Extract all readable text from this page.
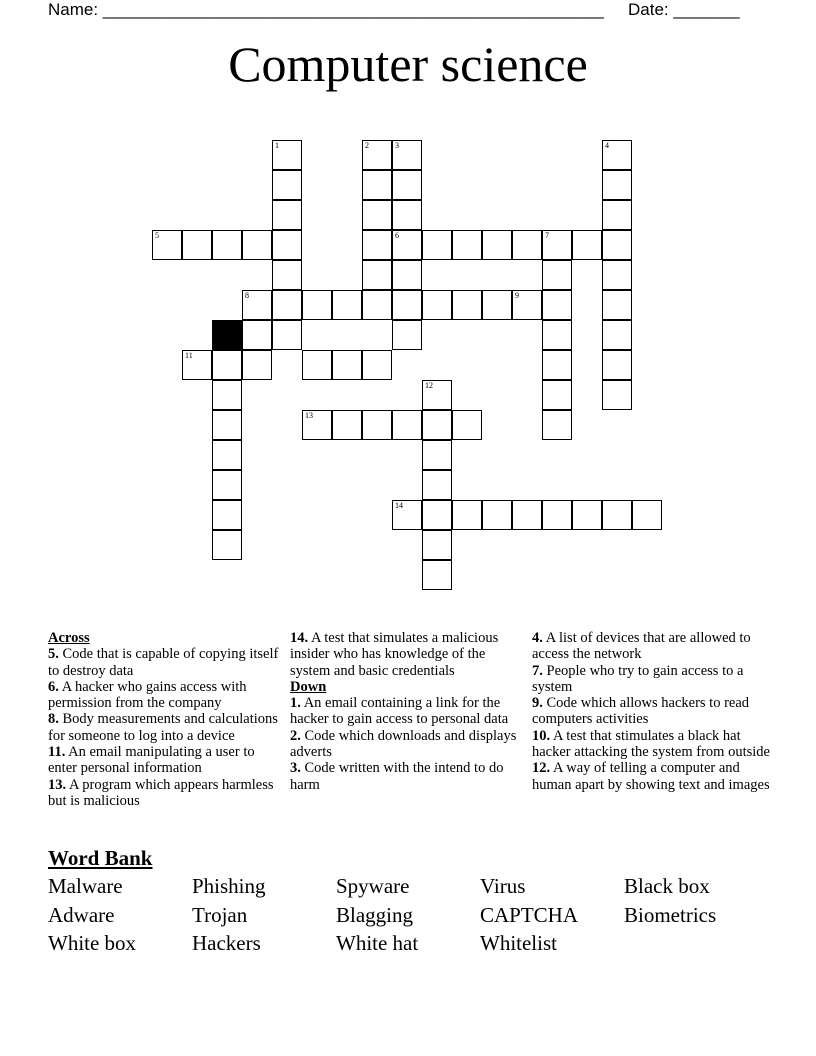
Name: _____________________________________________________ Date: _______
Computer science
1	2	3
6
4
5	7
8	9
11
12
13
14
10
Across
5. Code that is capable of copying itself to destroy data
6. A hacker who gains access with permission from the company
8. Body measurements and calculations for someone to log into a device
11. An email manipulating a user to enter personal information
13. A program which appears harmless but is malicious
14. A test that simulates a malicious insider who has knowledge of the system and basic credentials
Down
1. An email containing a link for the hacker to gain access to personal data
2. Code which downloads and displays adverts
3. Code written with the intend to do harm
4. A list of devices that are allowed to access the network
7. People who try to gain access to a system
9. Code which allows hackers to read computers activities
10. A test that stimulates a black hat hacker attacking the system from outside
12. A way of telling a computer and human apart by showing text and images
Word Bank
Malware	Phishing	Spyware	Virus	Black box
Adware	Trojan	Blagging	CAPTCHA Biometrics
White box	Hackers	White hat	Whitelist
